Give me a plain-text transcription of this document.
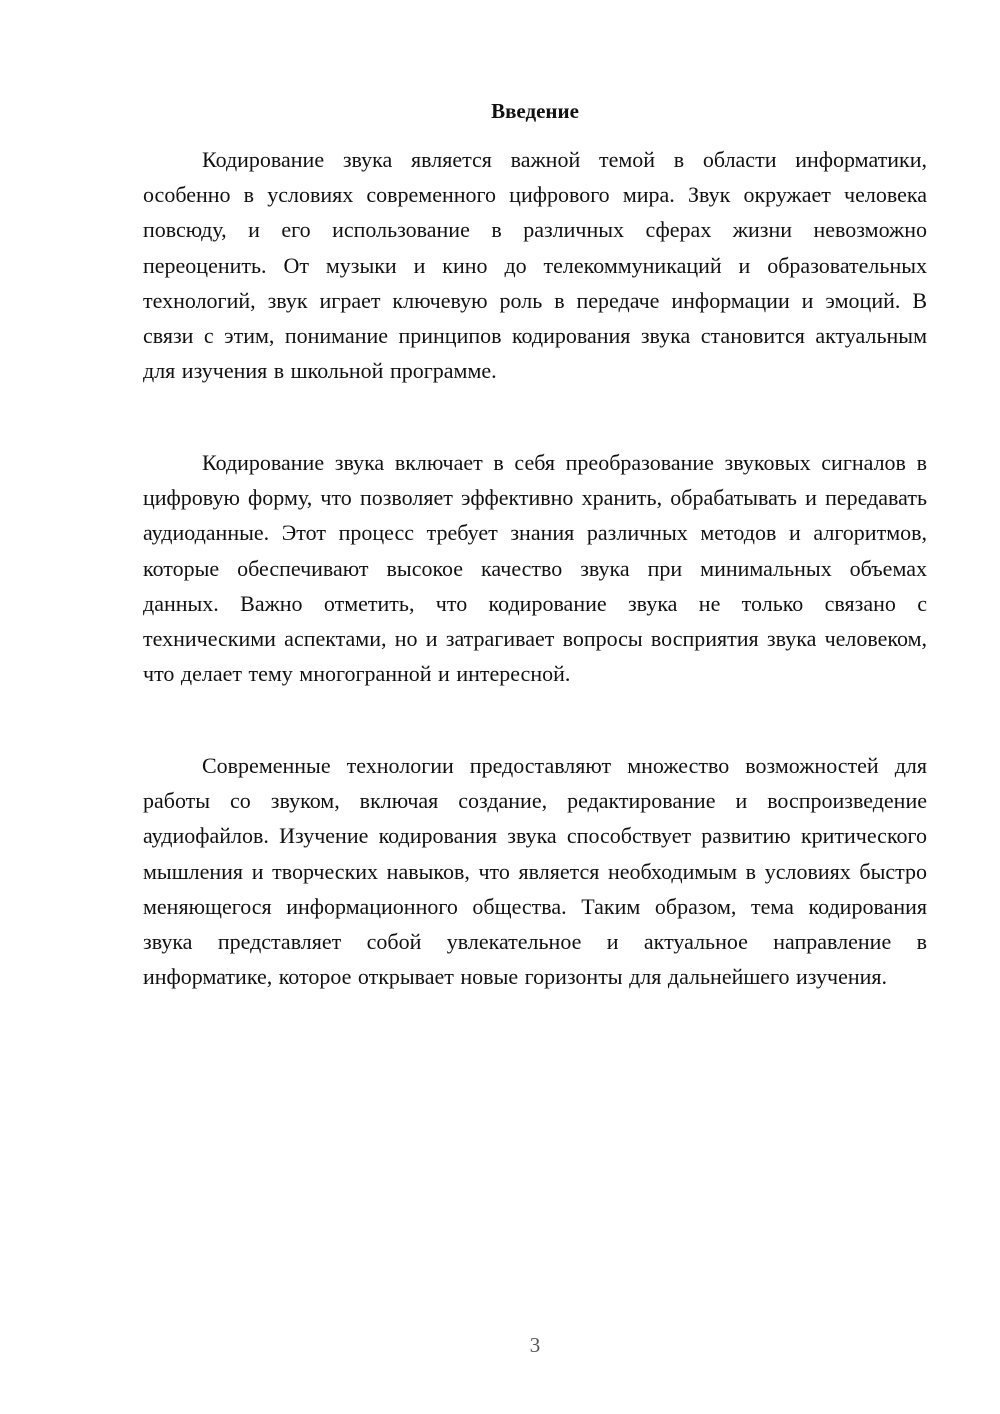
Введение

Кодирование звука является важной темой в области информатики, особенно в условиях современного цифрового мира. Звук окружает человека повсюду, и его использование в различных сферах жизни невозможно переоценить. От музыки и кино до телекоммуникаций и образовательных технологий, звук играет ключевую роль в передаче информации и эмоций. В связи с этим, понимание принципов кодирования звука становится актуальным для изучения в школьной программе.

Кодирование звука включает в себя преобразование звуковых сигналов в цифровую форму, что позволяет эффективно хранить, обрабатывать и передавать аудиоданные. Этот процесс требует знания различных методов и алгоритмов, которые обеспечивают высокое качество звука при минимальных объемах данных. Важно отметить, что кодирование звука не только связано с техническими аспектами, но и затрагивает вопросы восприятия звука человеком, что делает тему многогранной и интересной.

Современные технологии предоставляют множество возможностей для работы со звуком, включая создание, редактирование и воспроизведение аудиофайлов. Изучение кодирования звука способствует развитию критического мышления и творческих навыков, что является необходимым в условиях быстро меняющегося информационного общества. Таким образом, тема кодирования звука представляет собой увлекательное и актуальное направление в информатике, которое открывает новые горизонты для дальнейшего изучения.

3
